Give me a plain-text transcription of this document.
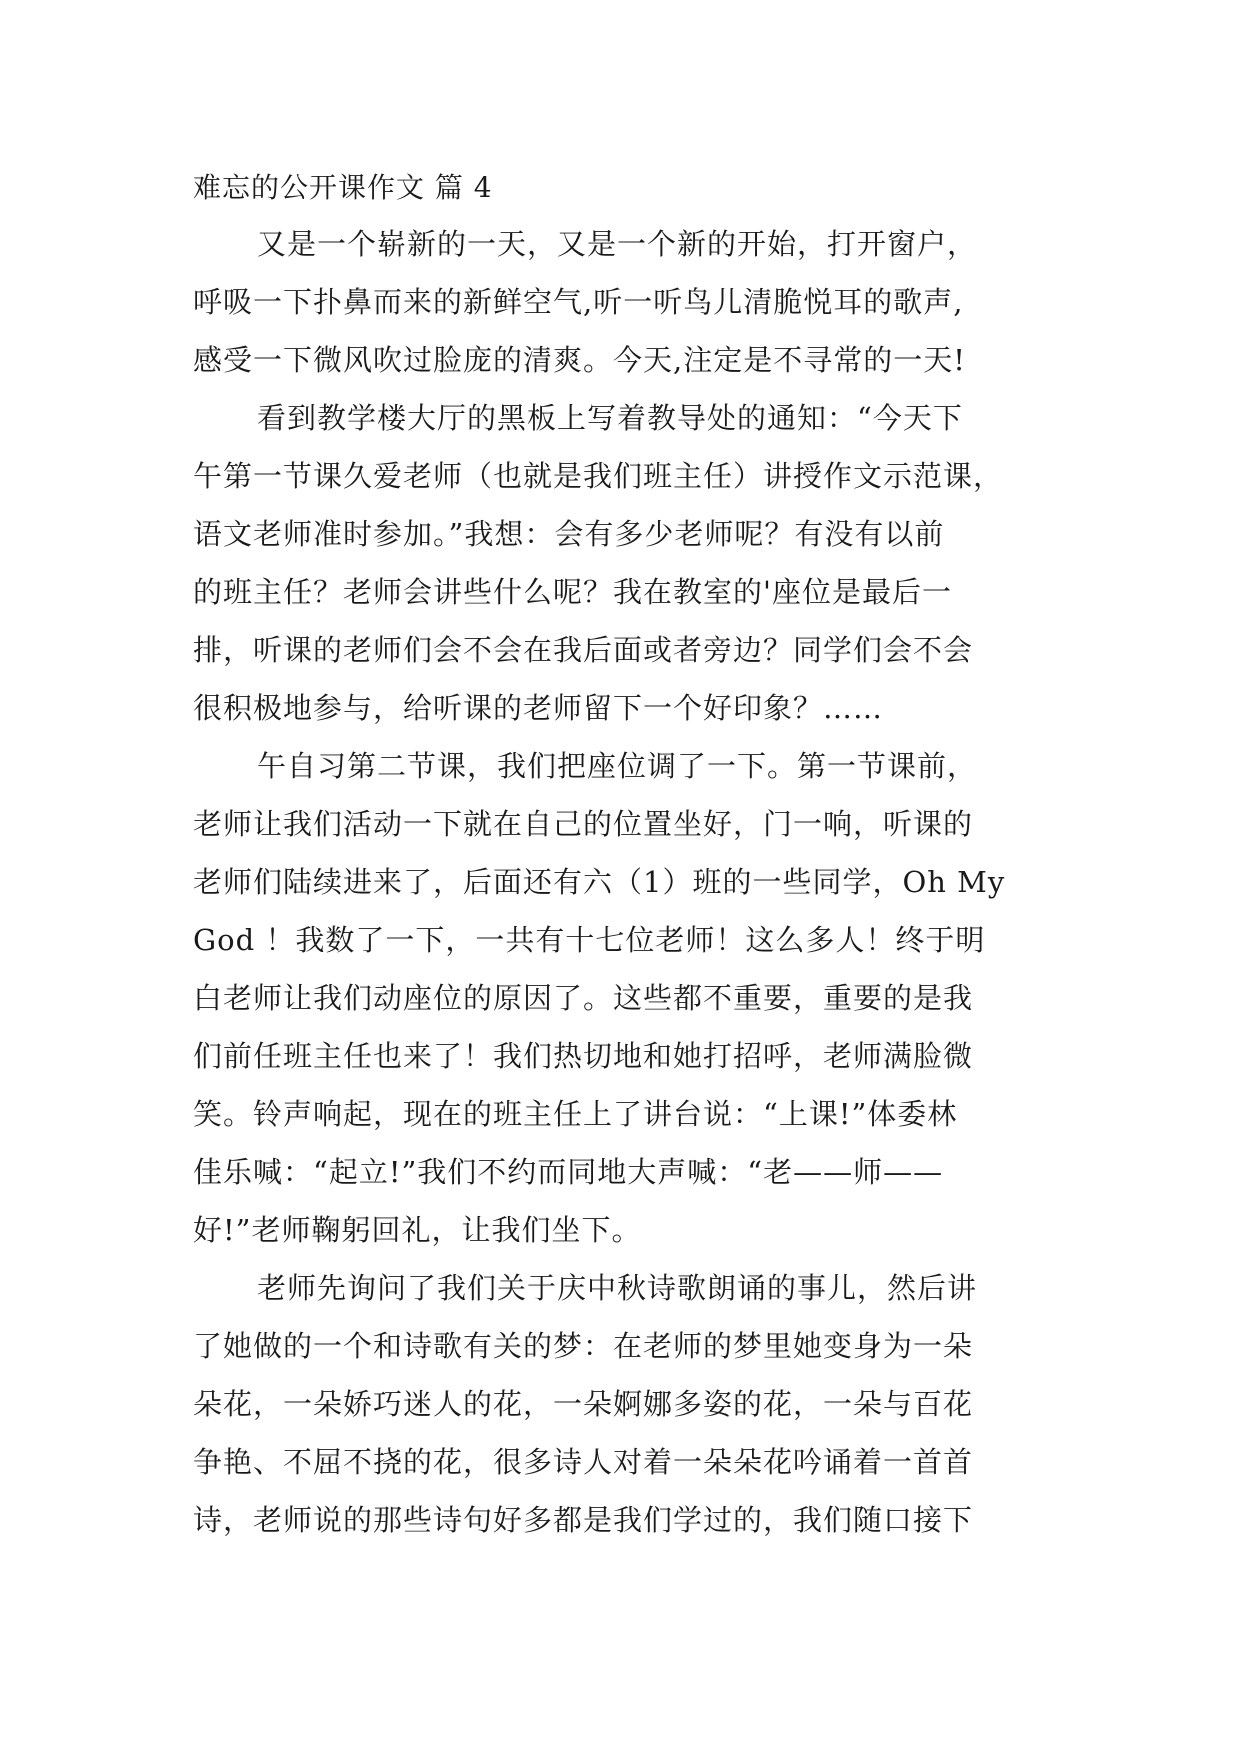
难忘的公开课作文 篇 4
又是一个崭新的一天，又是一个新的开始，打开窗户，
呼吸一下扑鼻而来的新鲜空气,听一听鸟儿清脆悦耳的歌声,
感受一下微风吹过脸庞的清爽。今天,注定是不寻常的一天!
看到教学楼大厅的黑板上写着教导处的通知：“今天下
午第一节课久爱老师（也就是我们班主任）讲授作文示范课，
语文老师准时参加。”我想：会有多少老师呢？有没有以前
的班主任？老师会讲些什么呢？我在教室的'座位是最后一
排，听课的老师们会不会在我后面或者旁边？同学们会不会
很积极地参与，给听课的老师留下一个好印象？……
午自习第二节课，我们把座位调了一下。第一节课前，
老师让我们活动一下就在自己的位置坐好，门一响，听课的
老师们陆续进来了，后面还有六（1）班的一些同学，Oh My
God ！我数了一下，一共有十七位老师！这么多人！终于明
白老师让我们动座位的原因了。这些都不重要，重要的是我
们前任班主任也来了！我们热切地和她打招呼，老师满脸微
笑。铃声响起，现在的班主任上了讲台说：“上课!”体委林
佳乐喊：“起立!”我们不约而同地大声喊：“老——师——
好!”老师鞠躬回礼，让我们坐下。
老师先询问了我们关于庆中秋诗歌朗诵的事儿，然后讲
了她做的一个和诗歌有关的梦：在老师的梦里她变身为一朵
朵花，一朵娇巧迷人的花，一朵婀娜多姿的花，一朵与百花
争艳、不屈不挠的花，很多诗人对着一朵朵花吟诵着一首首
诗，老师说的那些诗句好多都是我们学过的，我们随口接下
